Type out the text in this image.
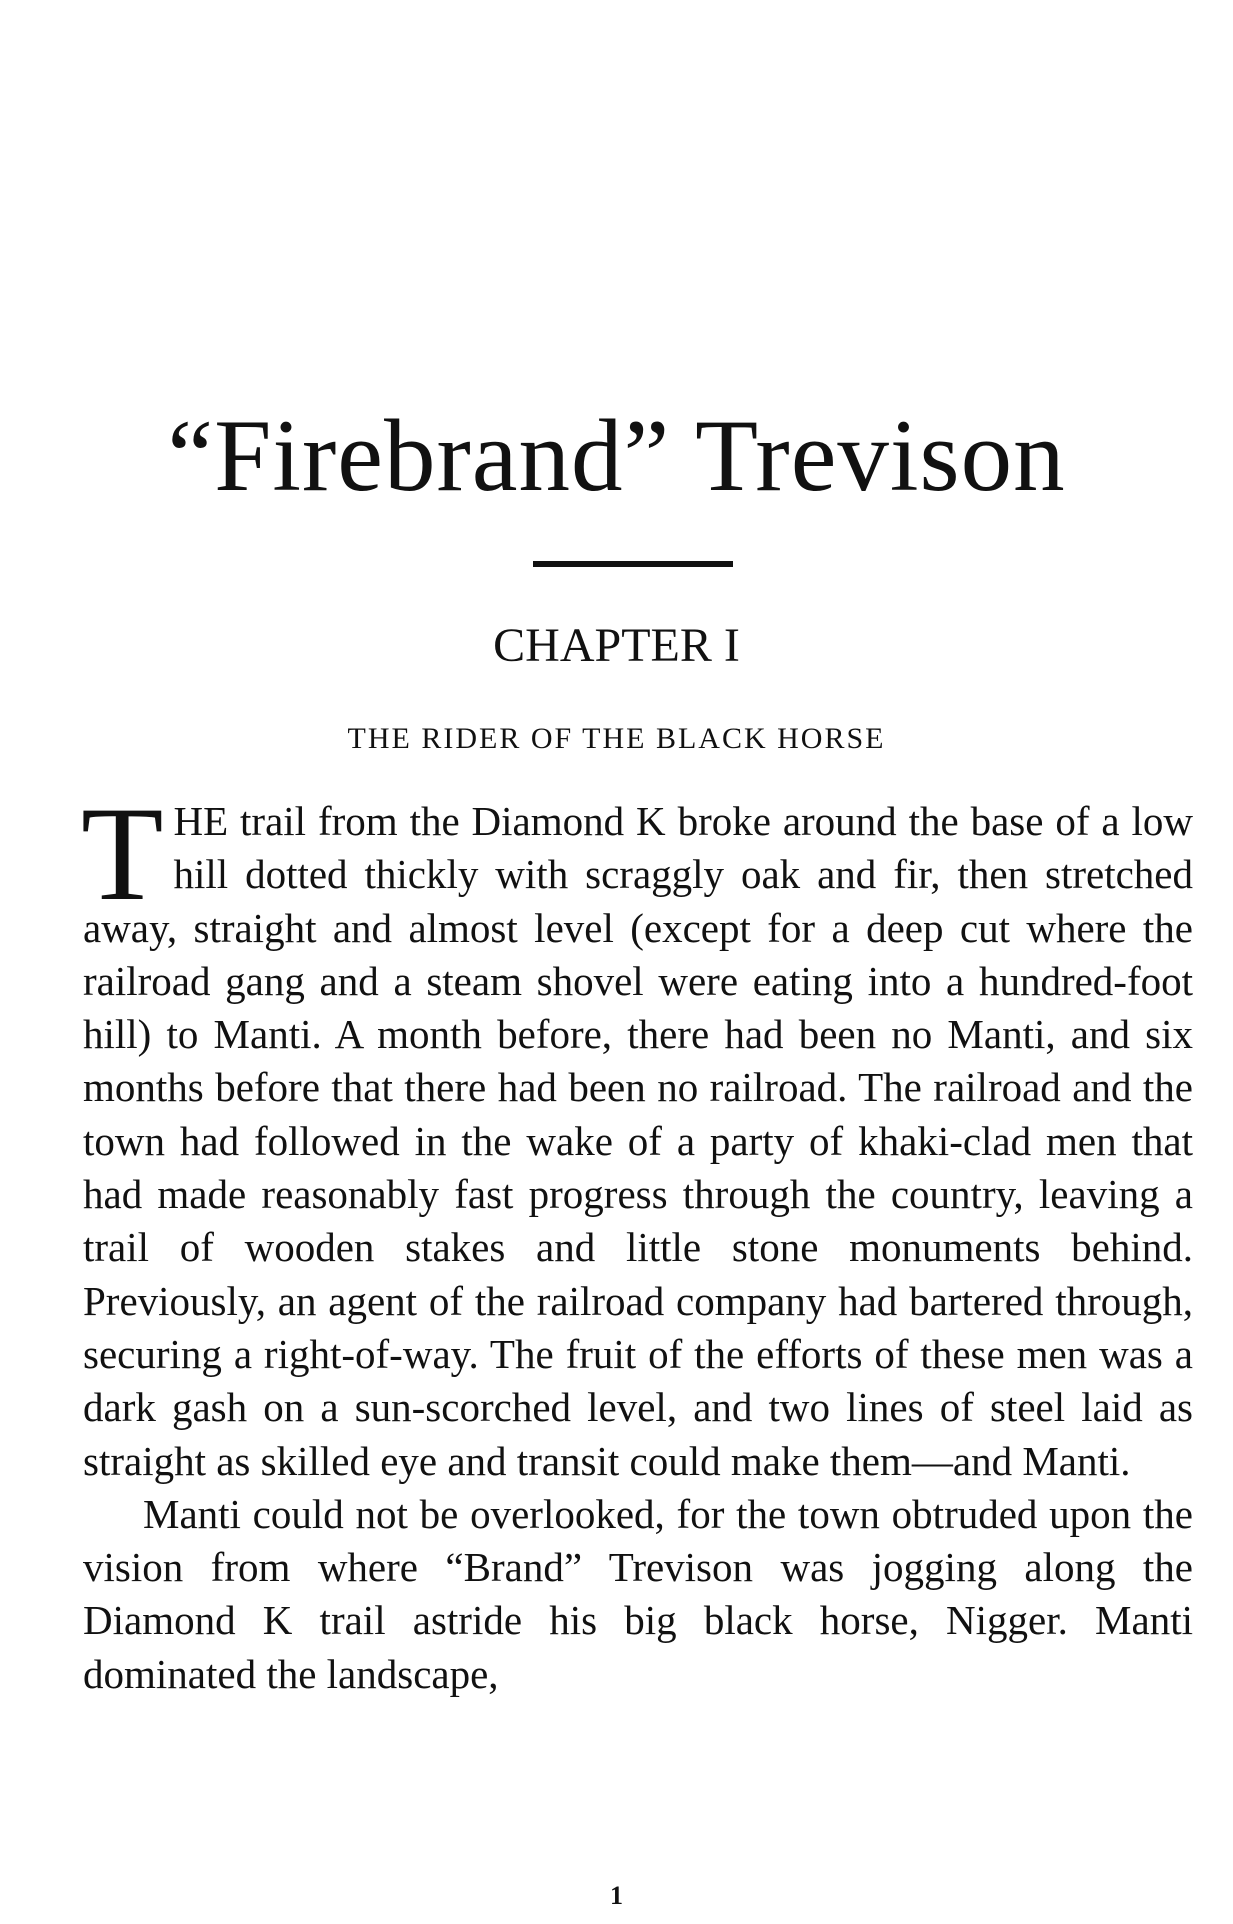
“Firebrand” Trevison
CHAPTER I
THE RIDER OF THE BLACK HORSE

THE trail from the Diamond K broke around the base of a low hill dotted thickly with scraggly oak and fir, then stretched away, straight and almost level (except for a deep cut where the railroad gang and a steam shovel were eating into a hundred-foot hill) to Manti. A month before, there had been no Manti, and six months before that there had been no railroad. The railroad and the town had followed in the wake of a party of khaki-clad men that had made reasonably fast progress through the country, leaving a trail of wooden stakes and little stone monuments behind. Previously, an agent of the railroad company had bartered through, securing a right-of-way. The fruit of the efforts of these men was a dark gash on a sun-scorched level, and two lines of steel laid as straight as skilled eye and transit could make them—and Manti.

Manti could not be overlooked, for the town obtruded upon the vision from where “Brand” Trevison was jogging along the Diamond K trail astride his big black horse, Nigger. Manti dominated the landscape,

1
